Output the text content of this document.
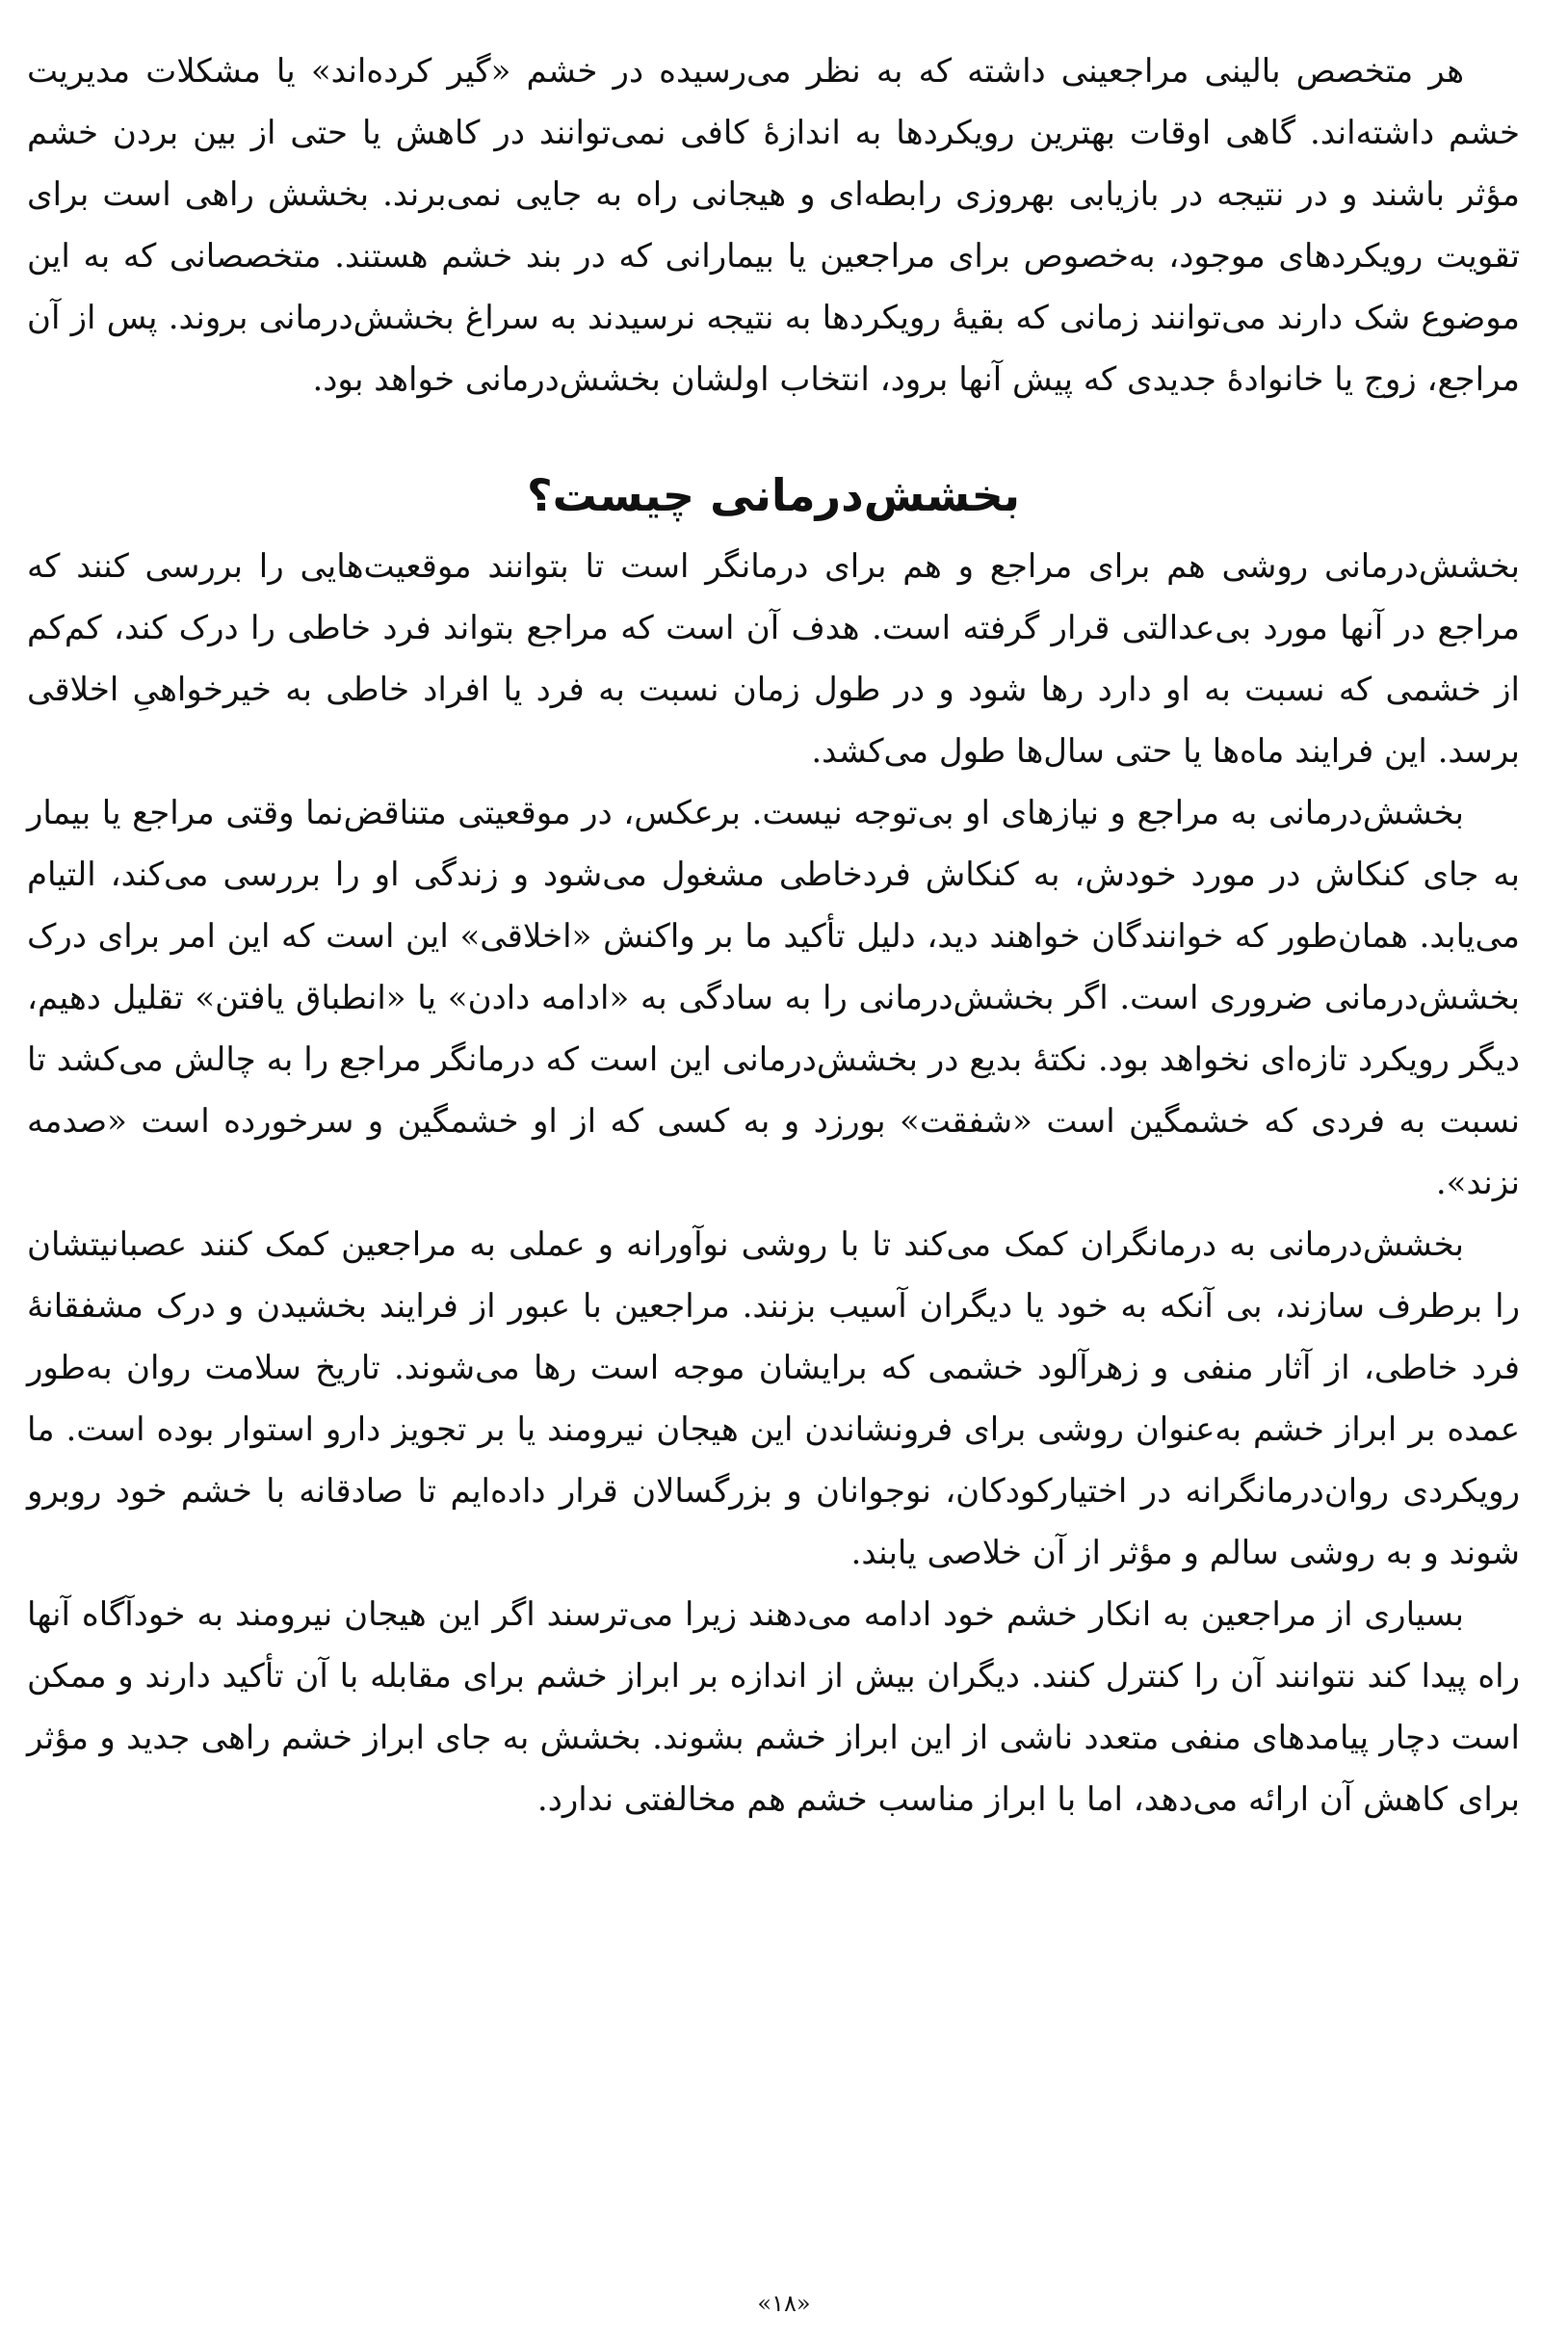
هر متخصص بالینی مراجعینی داشته که به نظر می‌رسیده در خشم «گیر کرده‌اند» یا مشکلات مدیریت خشم داشته‌اند. گاهی اوقات بهترین رویکردها به اندازهٔ کافی نمی‌توانند در کاهش یا حتی از بین بردن خشم مؤثر باشند و در نتیجه در بازیابی بهروزی رابطه‌ای و هیجانی راه به جایی نمی‌برند. بخشش راهی است برای تقویت رویکردهای موجود، به‌خصوص برای مراجعین یا بیمارانی که در بند خشم هستند. متخصصانی که به این موضوع شک دارند می‌توانند زمانی که بقیهٔ رویکردها به نتیجه نرسیدند به سراغ بخشش‌درمانی بروند. پس از آن مراجع، زوج یا خانوادهٔ جدیدی که پیش آنها برود، انتخاب اولشان بخشش‌درمانی خواهد بود.

بخشش‌درمانی چیست؟

بخشش‌درمانی روشی هم برای مراجع و هم برای درمانگر است تا بتوانند موقعیت‌هایی را بررسی کنند که مراجع در آنها مورد بی‌عدالتی قرار گرفته است. هدف آن است که مراجع بتواند فرد خاطی را درک کند، کم‌کم از خشمی که نسبت به او دارد رها شود و در طول زمان نسبت به فرد یا افراد خاطی به خیرخواهیِ اخلاقی برسد. این فرایند ماه‌ها یا حتی سال‌ها طول می‌کشد.

بخشش‌درمانی به مراجع و نیازهای او بی‌توجه نیست. برعکس، در موقعیتی متناقض‌نما وقتی مراجع یا بیمار به جای کنکاش در مورد خودش، به کنکاش فردخاطی مشغول می‌شود و زندگی او را بررسی می‌کند، التیام می‌یابد. همان‌طور که خوانندگان خواهند دید، دلیل تأکید ما بر واکنش «اخلاقی» این است که این امر برای درک بخشش‌درمانی ضروری است. اگر بخشش‌درمانی را به سادگی به «ادامه دادن» یا «انطباق یافتن» تقلیل دهیم، دیگر رویکرد تازه‌ای نخواهد بود. نکتهٔ بدیع در بخشش‌درمانی این است که درمانگر مراجع را به چالش می‌کشد تا نسبت به فردی که خشمگین است «شفقت» بورزد و به کسی که از او خشمگین و سرخورده است «صدمه نزند».

بخشش‌درمانی به درمانگران کمک می‌کند تا با روشی نوآورانه و عملی به مراجعین کمک کنند عصبانیتشان را برطرف سازند، بی آنکه به خود یا دیگران آسیب بزنند. مراجعین با عبور از فرایند بخشیدن و درک مشفقانهٔ فرد خاطی، از آثار منفی و زهرآلود خشمی که برایشان موجه است رها می‌شوند. تاریخ سلامت روان به‌طور عمده بر ابراز خشم به‌عنوان روشی برای فرونشاندن این هیجان نیرومند یا بر تجویز دارو استوار بوده است. ما رویکردی روان‌درمانگرانه در اختیارکودکان، نوجوانان و بزرگسالان قرار داده‌ایم تا صادقانه با خشم خود روبرو شوند و به روشی سالم و مؤثر از آن خلاصی یابند.

بسیاری از مراجعین به انکار خشم خود ادامه می‌دهند زیرا می‌ترسند اگر این هیجان نیرومند به خودآگاه آنها راه پیدا کند نتوانند آن را کنترل کنند. دیگران بیش از اندازه بر ابراز خشم برای مقابله با آن تأکید دارند و ممکن است دچار پیامدهای منفی متعدد ناشی از این ابراز خشم بشوند. بخشش به جای ابراز خشم راهی جدید و مؤثر برای کاهش آن ارائه می‌دهد، اما با ابراز مناسب خشم هم مخالفتی ندارد.

«۱۸»
